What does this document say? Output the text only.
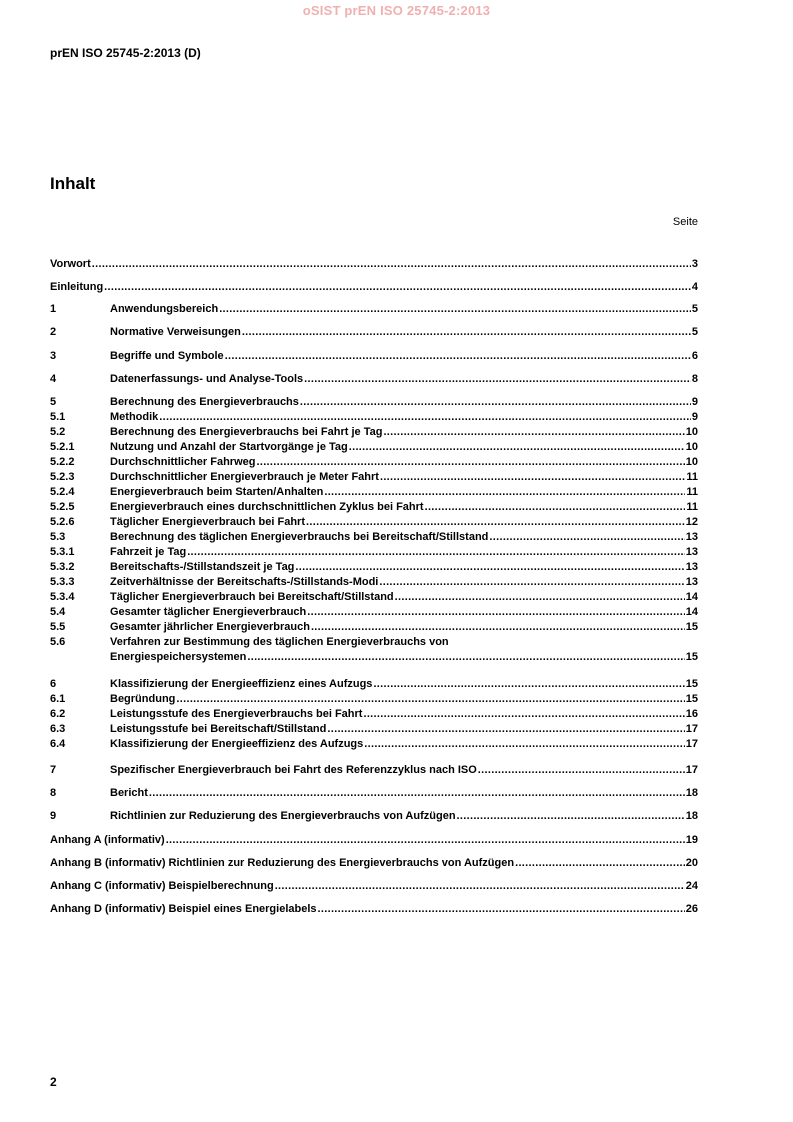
oSIST prEN ISO 25745-2:2013
prEN ISO 25745-2:2013 (D)
Inhalt
Seite
Vorwort .....	3
Einleitung .....	4
1	Anwendungsbereich .....	5
2	Normative Verweisungen .....	5
3	Begriffe und Symbole .....	6
4	Datenerfassungs- und Analyse-Tools .....	8
5	Berechnung des Energieverbrauchs .....	9
5.1	Methodik .....	9
5.2	Berechnung des Energieverbrauchs bei Fahrt je Tag .....	10
5.2.1	Nutzung und Anzahl der Startvorgänge je Tag .....	10
5.2.2	Durchschnittlicher Fahrweg .....	10
5.2.3	Durchschnittlicher Energieverbrauch je Meter Fahrt .....	11
5.2.4	Energieverbrauch beim Starten/Anhalten .....	11
5.2.5	Energieverbrauch eines durchschnittlichen Zyklus bei Fahrt .....	11
5.2.6	Täglicher Energieverbrauch bei Fahrt .....	12
5.3	Berechnung des täglichen Energieverbrauchs bei Bereitschaft/Stillstand .....	13
5.3.1	Fahrzeit je Tag .....	13
5.3.2	Bereitschafts-/Stillstandszeit je Tag .....	13
5.3.3	Zeitverhältnisse der Bereitschafts-/Stillstands-Modi .....	13
5.3.4	Täglicher Energieverbrauch bei Bereitschaft/Stillstand .....	14
5.4	Gesamter täglicher Energieverbrauch .....	14
5.5	Gesamter jährlicher Energieverbrauch .....	15
5.6	Verfahren zur Bestimmung des täglichen Energieverbrauchs von
Energiespeichersystemen .....	15
6	Klassifizierung der Energieeffizienz eines Aufzugs .....	15
6.1	Begründung .....	15
6.2	Leistungsstufe des Energieverbrauchs bei Fahrt .....	16
6.3	Leistungsstufe bei Bereitschaft/Stillstand .....	17
6.4	Klassifizierung der Energieeffizienz des Aufzugs .....	17
7	Spezifischer Energieverbrauch bei Fahrt des Referenzzyklus nach ISO .....	17
8	Bericht .....	18
9	Richtlinien zur Reduzierung des Energieverbrauchs von Aufzügen .....	18
Anhang A (informativ) .....	19
Anhang B (informativ) Richtlinien zur Reduzierung des Energieverbrauchs von Aufzügen .....	20
Anhang C (informativ) Beispielberechnung .....	24
Anhang D (informativ) Beispiel eines Energielabels .....	26
2
